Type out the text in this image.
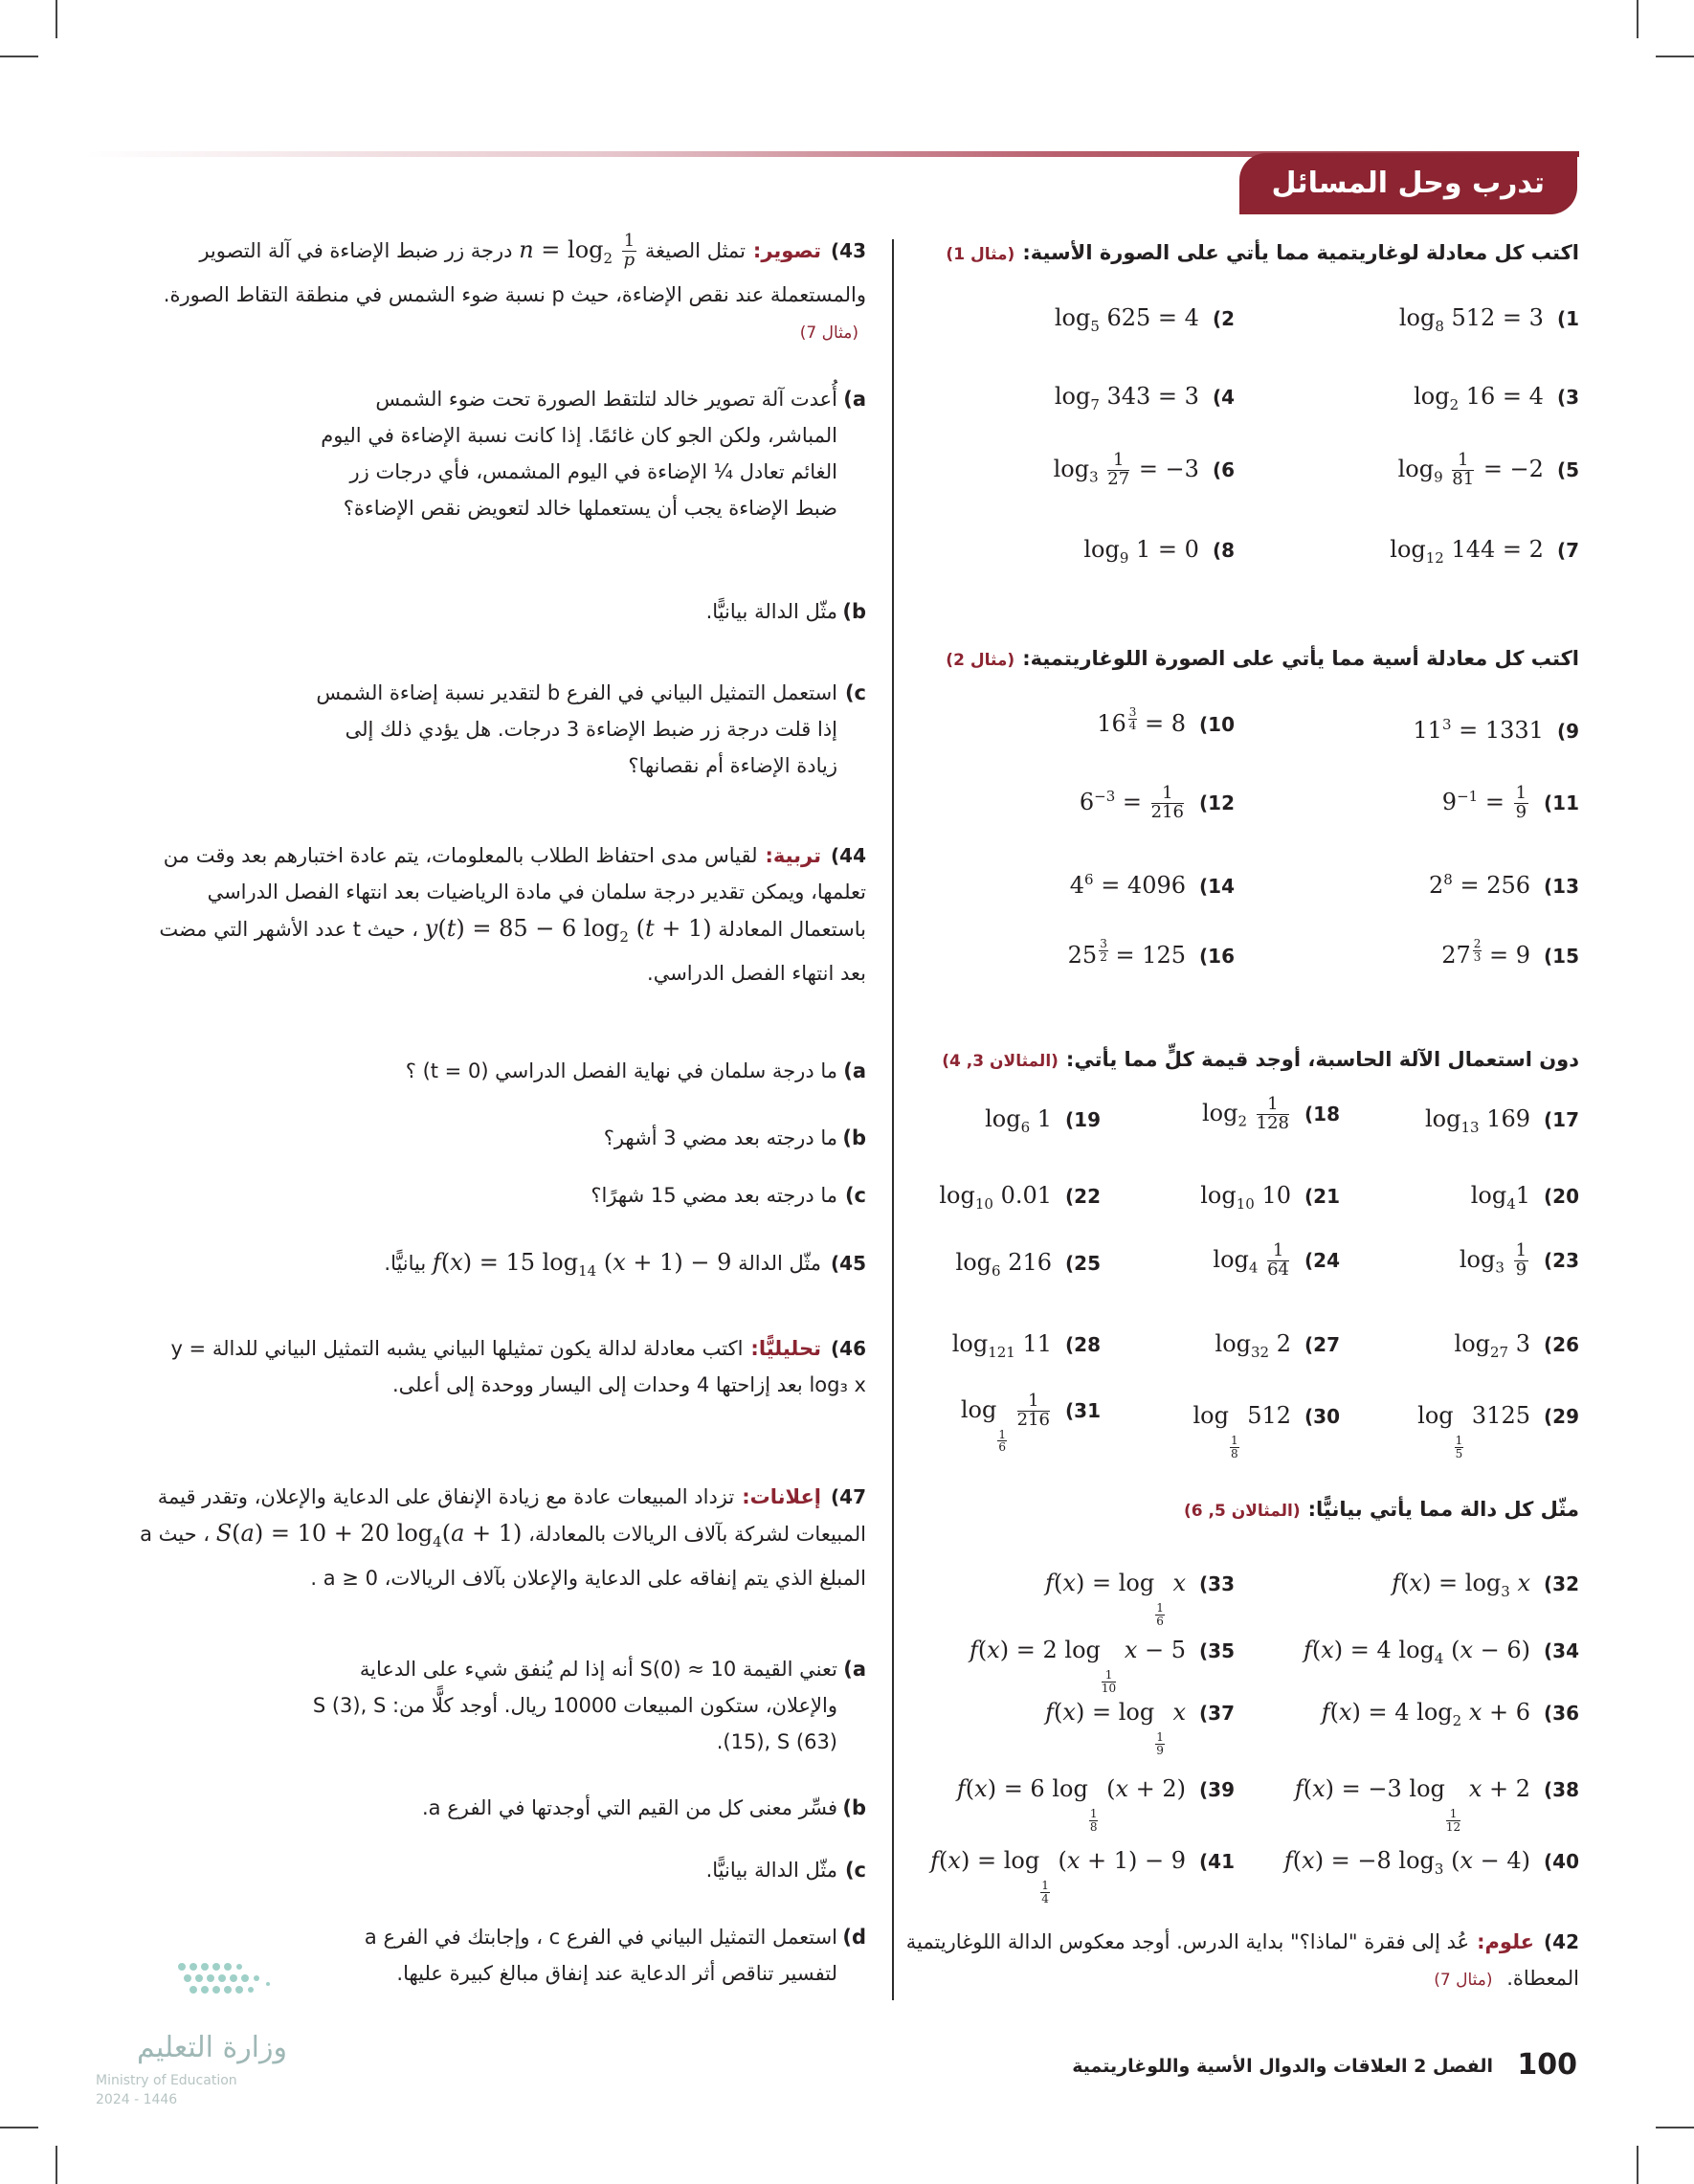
تدرب وحل المسائل
اكتب كل معادلة لوغاريتمية مما يأتي على الصورة الأسية:(مثال 1)
$1)\log_8$ 512 = 3
$2)\log_5$ 625 = 4
$3)\log_2$ 16 = 4
$4)\log_7$ 343 = 3
$5)\log_9 \frac{1}{81} = -2$
$6)\log_3 \frac{1}{27} = -3$
$7)\log_{12}$ 144 = 2
$8)\log_9$ 1 = 0
اكتب كل معادلة أسية مما يأتي على الصورة اللوغاريتمية:(مثال 2)
$9)11^3 = 1331$
$10)16 \frac{3}{4} = 8$
$11)9^{-1} = \frac{1}{9}$
$12)6^{-3} = \frac{1}{216}$
$13)2^8 = 256$
$14)4^6 = 4096$
$15)27 \frac{2}{3} = 9$
$16)25 \frac{3}{2} = 125$
دون استعمال الآلة الحاسبة، أوجد قيمة كلٍّ مما يأتي:(المثالان 3, 4)
$17)\log_{13}$ 169
$18)\log_2 \frac{1}{128}$
$19)\log_6$ 1
$20)\log_41$
$21)\log_{10}$ 10
$22)\log_{10}$ 0.01
$23)\log_3 \frac{1}{9}$
$24)\log_4 \frac{1}{64}$
$25)\log_6$ 216
$26)\log_{27}$ 3
$27)\log_{32}$ 2
$28)\log_{121}$ 11
29)log
$\frac{1}{5}$
3125
30)log
$\frac{1}{8}$
512
31)log
$\frac{1}{6}$

$\frac{1}{216}$
مثّل كل دالة مما يأتي بيانيًّا:(المثالان 5, 6)
$32)f(x) = \log_3 x$
33)f(x) = log
$\frac{1}{6}$
x
34)f(x) = 4 $\log_4 (x - 6)$
35)f(x) = 2 log
$\frac{1}{10}$
x − 5
36)f(x) = 4 $\log_2 x + 6$
37)f(x) = log
$\frac{1}{9}$
x
38)f(x) = −3 log
$\frac{1}{12}$
x + 2
39)f(x) = 6 log
$\frac{1}{8}$
(x + 2)
40)f(x) = −8 $\log_3 (x - 4)$
41)f(x) = log
$\frac{1}{4}$
(x + 1) − 9
42)علوم:عُد إلى فقرة "لماذا؟" بداية الدرس. أوجد معكوس الدالة اللوغاريتمية المعطاة. (مثال 7)
43)تصوير:تمثل الصيغة $n = \log_2 \frac{1}{p}$
درجة زر ضبط الإضاءة في آلة التصوير والمستعملة عند نقص الإضاءة، حيث p نسبة ضوء الشمس في منطقة التقاط الصورة. (مثال 7)
a)أُعدت آلة تصوير خالد لتلتقط الصورة تحت ضوء الشمس المباشر، ولكن الجو كان غائمًا. إذا كانت نسبة الإضاءة في اليوم الغائم تعادل ¼ الإضاءة في اليوم المشمس، فأي درجات زر ضبط الإضاءة يجب أن يستعملها خالد لتعويض نقص الإضاءة؟
b)مثّل الدالة بيانيًّا.
c)استعمل التمثيل البياني في الفرع b لتقدير نسبة إضاءة الشمس إذا قلت درجة زر ضبط الإضاءة 3 درجات. هل يؤدي ذلك إلى زيادة الإضاءة أم نقصانها؟
44)تربية:لقياس مدى احتفاظ الطلاب بالمعلومات، يتم عادة اختبارهم بعد وقت من تعلمها، ويمكن تقدير درجة سلمان في مادة الرياضيات بعد انتهاء الفصل الدراسي باستعمال المعادلة y(t) = 85 − 6 $\log_2 (t + 1)$ ، حيث t عدد الأشهر التي مضت بعد انتهاء الفصل الدراسي.
a)ما درجة سلمان في نهاية الفصل الدراسي (t = 0) ؟
b)ما درجته بعد مضي 3 أشهر؟
c)ما درجته بعد مضي 15 شهرًا؟
45)مثّل الدالة f(x) = 15 $\log_{14} (x + 1) - 9$ بيانيًّا.
46)تحليليًّا:اكتب معادلة لدالة يكون تمثيلها البياني يشبه التمثيل البياني للدالة y = log₃ x بعد إزاحتها 4 وحدات إلى اليسار ووحدة إلى أعلى.
47)إعلانات:تزداد المبيعات عادة مع زيادة الإنفاق على الدعاية والإعلان، وتقدر قيمة المبيعات لشركة بآلاف الريالات بالمعادلة، S(a) = 10 + 20 $\log_4(a + 1)$ ، حيث a المبلغ الذي يتم إنفاقه على الدعاية والإعلان بآلاف الريالات، a ≥ 0 .
a)تعني القيمة S(0) ≈ 10 أنه إذا لم يُنفق شيء على الدعاية والإعلان، ستكون المبيعات 10000 ريال. أوجد كلًّا من: S (3), S (15), S (63).
b)فسِّر معنى كل من القيم التي أوجدتها في الفرع a.
c)مثّل الدالة بيانيًّا.
d)استعمل التمثيل البياني في الفرع c ، وإجابتك في الفرع a لتفسير تناقص أثر الدعاية عند إنفاق مبالغ كبيرة عليها.
100
الفصل 2 العلاقات والدوال الأسية واللوغاريتمية
وزارة التعليم
Ministry of Education
2024 - 1446
